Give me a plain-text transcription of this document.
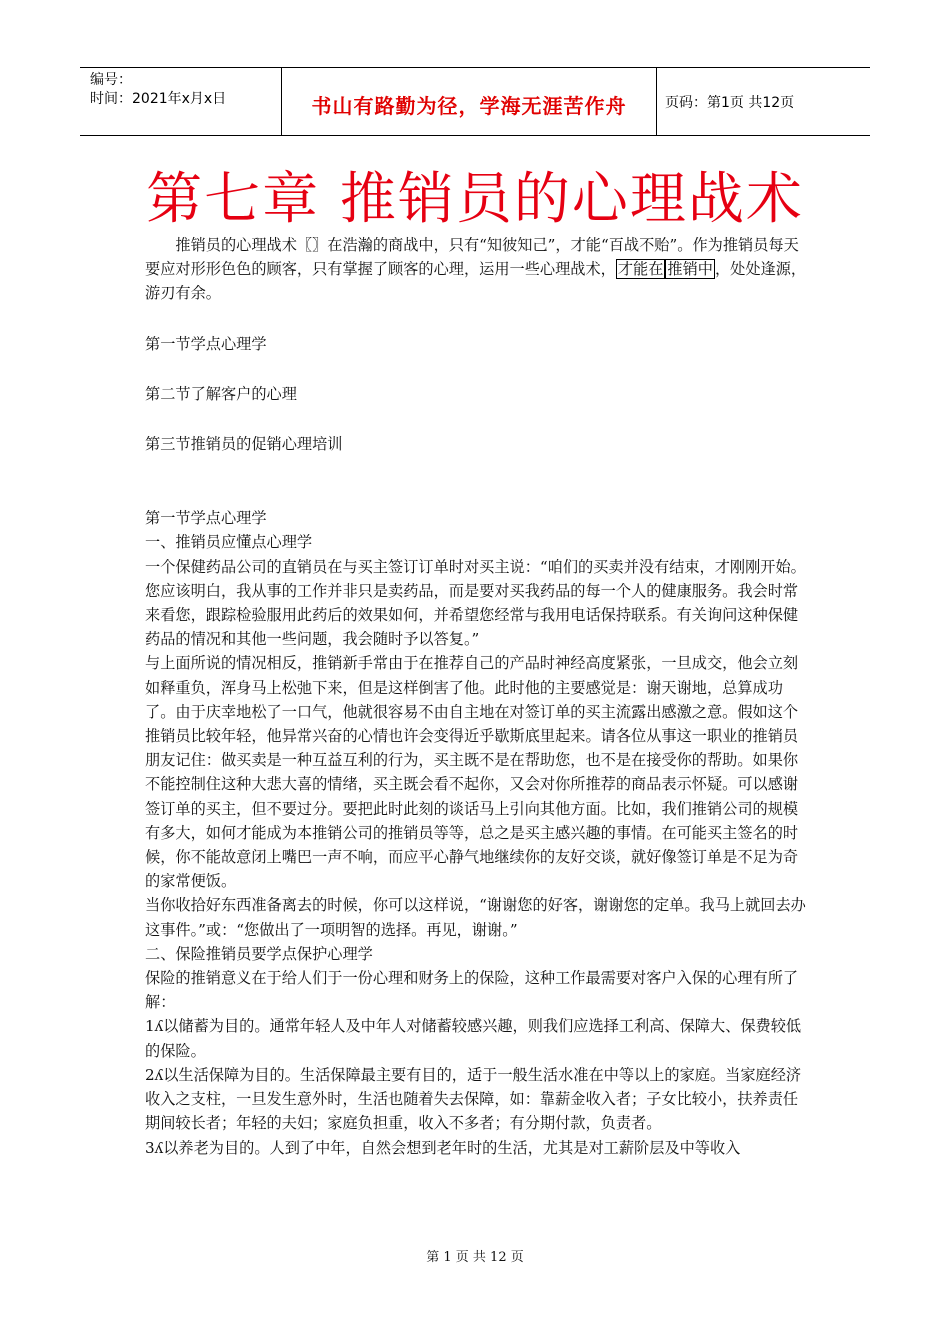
编号：
时间：2021年x月x日	书山有路勤为径，学海无涯苦作舟	页码：第1页 共12页
第七章 推销员的心理战术

推销员的心理战术〖〗在浩瀚的商战中，只有“知彼知己”，才能“百战不贻”。作为推销员每天要应对形形色色的顾客，只有掌握了顾客的心理，运用一些心理战术， 才能在 推销中 ，处处逢源，游刃有余。

第一节学点心理学

第二节了解客户的心理

第三节推销员的促销心理培训

第一节学点心理学

一、推销员应懂点心理学

一个保健药品公司的直销员在与买主签订订单时对买主说：“咱们的买卖并没有结束，才刚刚开始。您应该明白，我从事的工作并非只是卖药品，而是要对买我药品的每一个人的健康服务。我会时常来看您，跟踪检验服用此药后的效果如何，并希望您经常与我用电话保持联系。有关询问这种保健药品的情况和其他一些问题，我会随时予以答复。”

与上面所说的情况相反，推销新手常由于在推荐自己的产品时神经高度紧张，一旦成交，他会立刻如释重负，浑身马上松弛下来，但是这样倒害了他。此时他的主要感觉是：谢天谢地，总算成功了。由于庆幸地松了一口气，他就很容易不由自主地在对签订单的买主流露出感激之意。假如这个推销员比较年轻，他异常兴奋的心情也许会变得近乎歇斯底里起来。请各位从事这一职业的推销员朋友记住：做买卖是一种互益互利的行为，买主既不是在帮助您，也不是在接受你的帮助。如果你不能控制住这种大悲大喜的情绪，买主既会看不起你，又会对你所推荐的商品表示怀疑。可以感谢签订单的买主，但不要过分。要把此时此刻的谈话马上引向其他方面。比如，我们推销公司的规模有多大，如何才能成为本推销公司的推销员等等，总之是买主感兴趣的事情。在可能买主签名的时候，你不能故意闭上嘴巴一声不响，而应平心静气地继续你的友好交谈，就好像签订单是不足为奇的家常便饭。

当你收拾好东西准备离去的时候，你可以这样说，“谢谢您的好客，谢谢您的定单。我马上就回去办这事件。”或：“您做出了一项明智的选择。再见，谢谢。”

二、保险推销员要学点保护心理学

保险的推销意义在于给人们于一份心理和财务上的保险，这种工作最需要对客户入保的心理有所了解：

1ʎ以储蓄为目的。通常年轻人及中年人对储蓄较感兴趣，则我们应选择工利高、保障大、保费较低的保险。

2ʎ以生活保障为目的。生活保障最主要有目的，适于一般生活水准在中等以上的家庭。当家庭经济收入之支柱，一旦发生意外时，生活也随着失去保障，如：靠薪金收入者；子女比较小，扶养责任期间较长者；年轻的夫妇；家庭负担重，收入不多者；有分期付款，负责者。

3ʎ以养老为目的。人到了中年，自然会想到老年时的生活，尤其是对工薪阶层及中等收入

第 1 页 共 12 页
